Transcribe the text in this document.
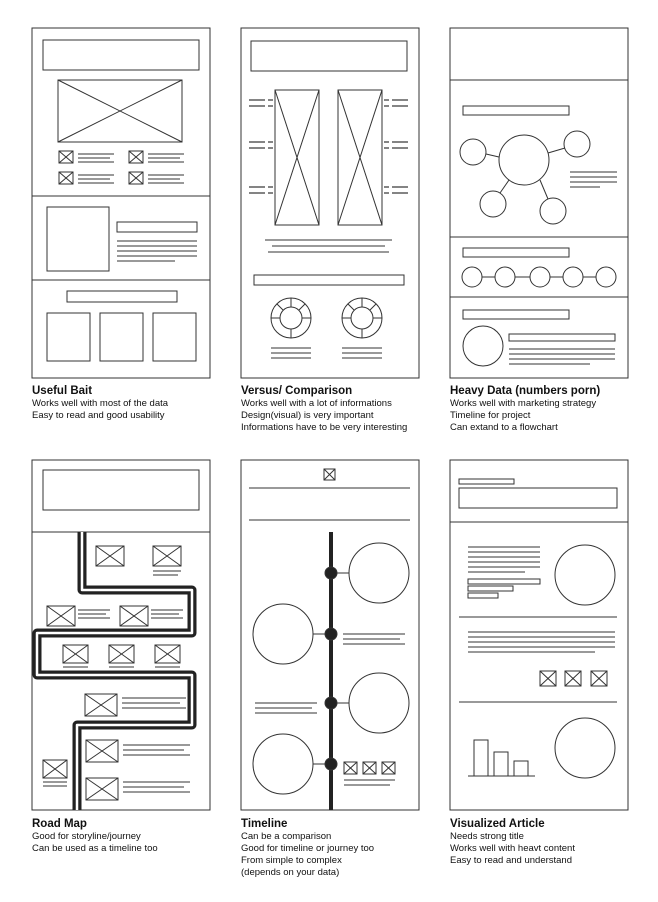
Useful Bait
Works well with most of the data
Easy to read and good usability
Versus/ Comparison
Works well with a lot of informations
Design(visual) is very important
Informations have to be very interesting
Heavy Data (numbers porn)
Works well with marketing strategy
Timeline for project
Can extand to a flowchart
Road Map
Good for storyline/journey
Can be used as a timeline too
Timeline
Can be a comparison
Good for timeline or journey too
From simple to complex
(depends on your data)
Visualized Article
Needs strong title
Works well with heavt content
Easy to read and understand
